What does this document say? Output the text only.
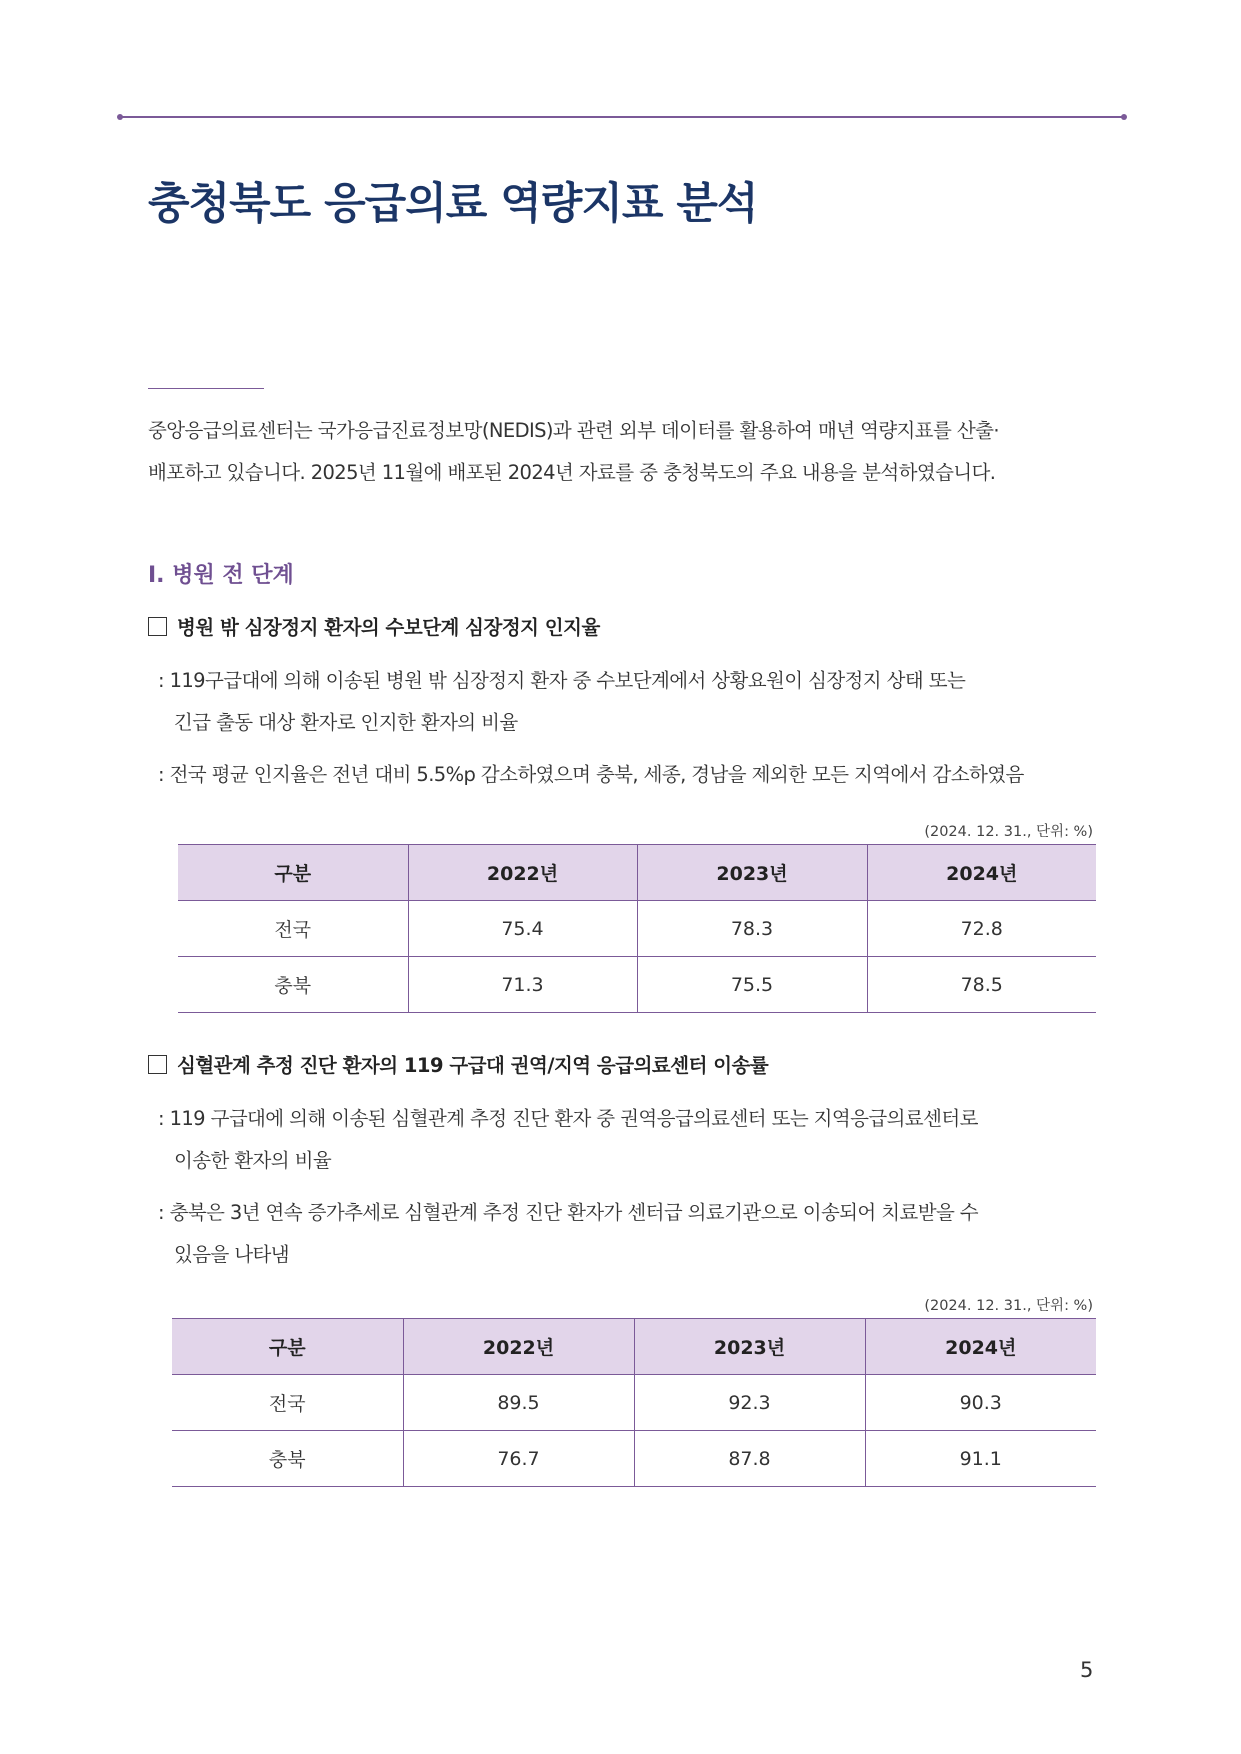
충청북도 응급의료 역량지표 분석

중앙응급의료센터는 국가응급진료정보망(NEDIS)과 관련 외부 데이터를 활용하여 매년 역량지표를 산출·

배포하고 있습니다. 2025년 11월에 배포된 2024년 자료를 중 충청북도의 주요 내용을 분석하였습니다.

I. 병원 전 단계
병원 밖 심장정지 환자의 수보단계 심장정지 인지율
: 119구급대에 의해 이송된 병원 밖 심장정지 환자 중 수보단계에서 상황요원이 심장정지 상태 또는
긴급 출동 대상 환자로 인지한 환자의 비율
: 전국 평균 인지율은 전년 대비 5.5%p 감소하였으며 충북, 세종, 경남을 제외한 모든 지역에서 감소하였음
(2024. 12. 31., 단위: %)
구분	2022년	2023년	2024년
전국	75.4	78.3	72.8
충북	71.3	75.5	78.5
심혈관계 추정 진단 환자의 119 구급대 권역/지역 응급의료센터 이송률
: 119 구급대에 의해 이송된 심혈관계 추정 진단 환자 중 권역응급의료센터 또는 지역응급의료센터로
이송한 환자의 비율
: 충북은 3년 연속 증가추세로 심혈관계 추정 진단 환자가 센터급 의료기관으로 이송되어 치료받을 수
있음을 나타냄
(2024. 12. 31., 단위: %)
구분	2022년	2023년	2024년
전국	89.5	92.3	90.3
충북	76.7	87.8	91.1
5
